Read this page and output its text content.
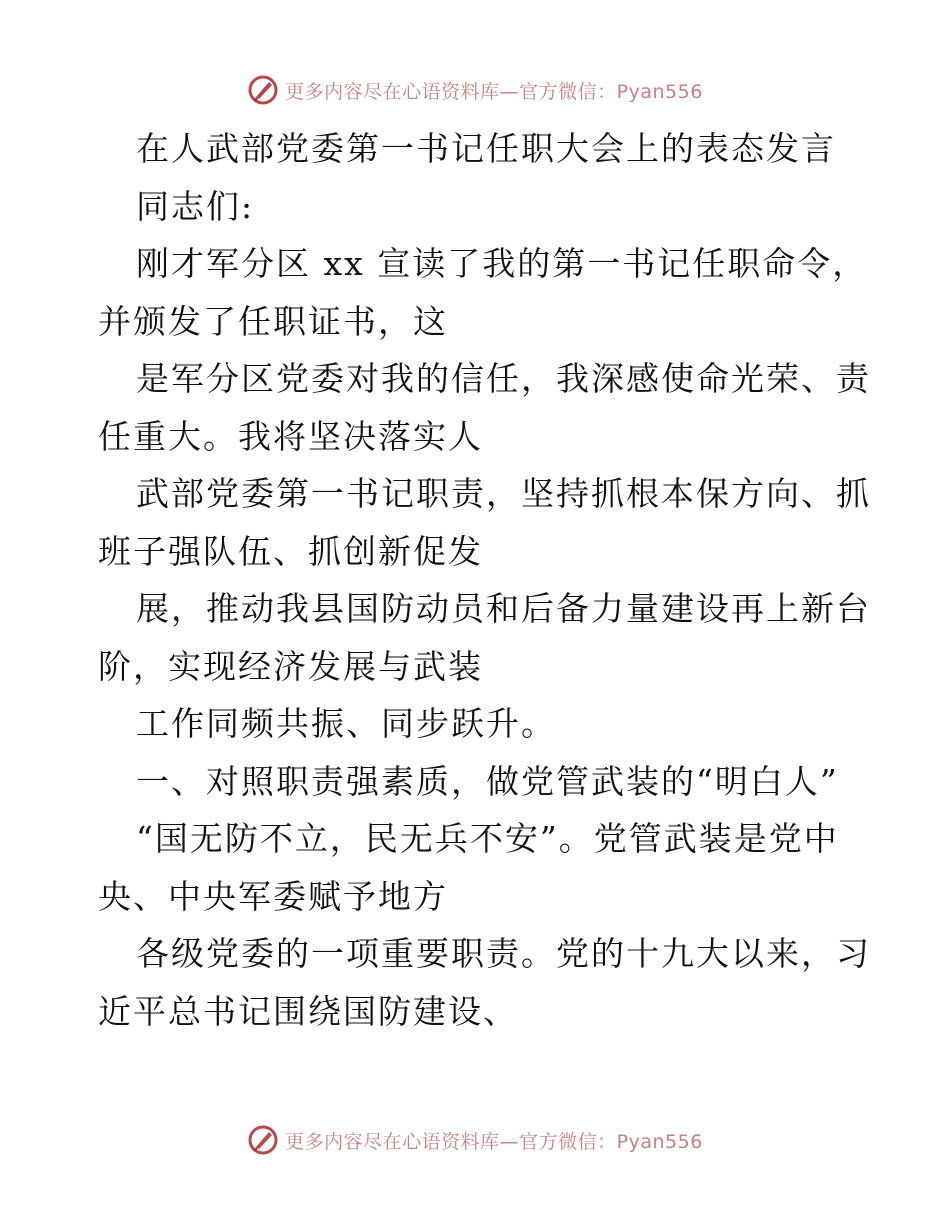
更多内容尽在心语资料库—官方微信：Pyan556
在人武部党委第一书记任职大会上的表态发言
同志们:
刚才军分区 xx 宣读了我的第一书记任职命令，
并颁发了任职证书，这
是军分区党委对我的信任，我深感使命光荣、责
任重大。我将坚决落实人
武部党委第一书记职责，坚持抓根本保方向、抓
班子强队伍、抓创新促发
展，推动我县国防动员和后备力量建设再上新台
阶，实现经济发展与武装
工作同频共振、同步跃升。
一、对照职责强素质，做党管武装的“明白人”
“国无防不立，民无兵不安”。党管武装是党中
央、中央军委赋予地方
各级党委的一项重要职责。党的十九大以来，习
近平总书记围绕国防建设、
更多内容尽在心语资料库—官方微信：Pyan556
